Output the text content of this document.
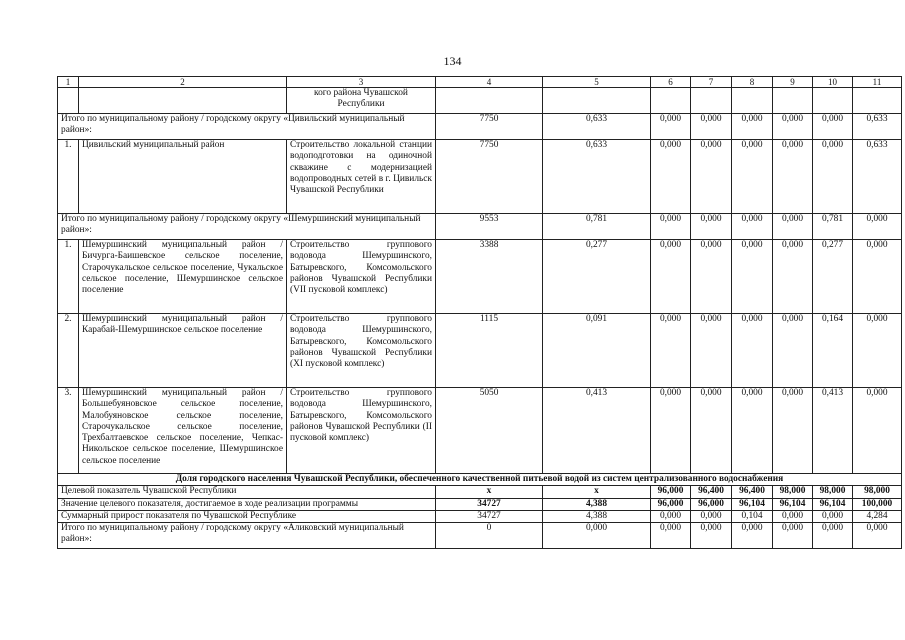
134
1	2	3	4	5	6	7	8	9	10	11
		кого района Чувашской Республики								
Итого по муниципальному району / городскому округу «Цивильский муниципальный район»:			7750	0,633	0,000	0,000	0,000	0,000	0,000	0,633
1.	Цивильский муниципальный район	Строительство локальной станции водоподготовки на одиночной скважине с модернизацией водопроводных сетей в г. Цивильск Чувашской Республики	7750	0,633	0,000	0,000	0,000	0,000	0,000	0,633
Итого по муниципальному району / городскому округу «Шемуршинский муниципальный район»:			9553	0,781	0,000	0,000	0,000	0,000	0,781	0,000
1.	Шемуршинский муниципальный район / Бичурга-Баишевское сельское поселение, Старочукальское сельское поселение, Чукальское сельское поселение, Шемуршинское сельское поселение	Строительство группового водовода Шемуршинского, Батыревского, Комсомольского районов Чувашской Республики (VII пусковой комплекс)	3388	0,277	0,000	0,000	0,000	0,000	0,277	0,000
2.	Шемуршинский муниципальный район / Карабай-Шемуршинское сельское поселение	Строительство группового водовода Шемуршинского, Батыревского, Комсомольского районов Чувашской Республики (XI пусковой комплекс)	1115	0,091	0,000	0,000	0,000	0,000	0,164	0,000
3.	Шемуршинский муниципальный район / Большебуяновское сельское поселение, Малобуяновское сельское поселение, Старочукальское сельское поселение, Трехбалтаевское сельское поселение, Чепкас-Никольское сельское поселение, Шемуршинское сельское поселение	Строительство группового водовода Шемуршинского, Батыревского, Комсомольского районов Чувашской Республики (II пусковой комплекс)	5050	0,413	0,000	0,000	0,000	0,000	0,413	0,000
Доля городского населения Чувашской Республики, обеспеченного качественной питьевой водой из систем централизованного водоснабжения										
Целевой показатель Чувашской Республики			x	x	96,000	96,400	96,400	98,000	98,000	98,000
Значение целевого показателя, достигаемое в ходе реализации программы			34727	4,388	96,000	96,000	96,104	96,104	96,104	100,000
Суммарный прирост показателя по Чувашской Республике			34727	4,388	0,000	0,000	0,104	0,000	0,000	4,284
Итого по муниципальному району / городскому округу «Аликовский муниципальный район»:			0	0,000	0,000	0,000	0,000	0,000	0,000	0,000
